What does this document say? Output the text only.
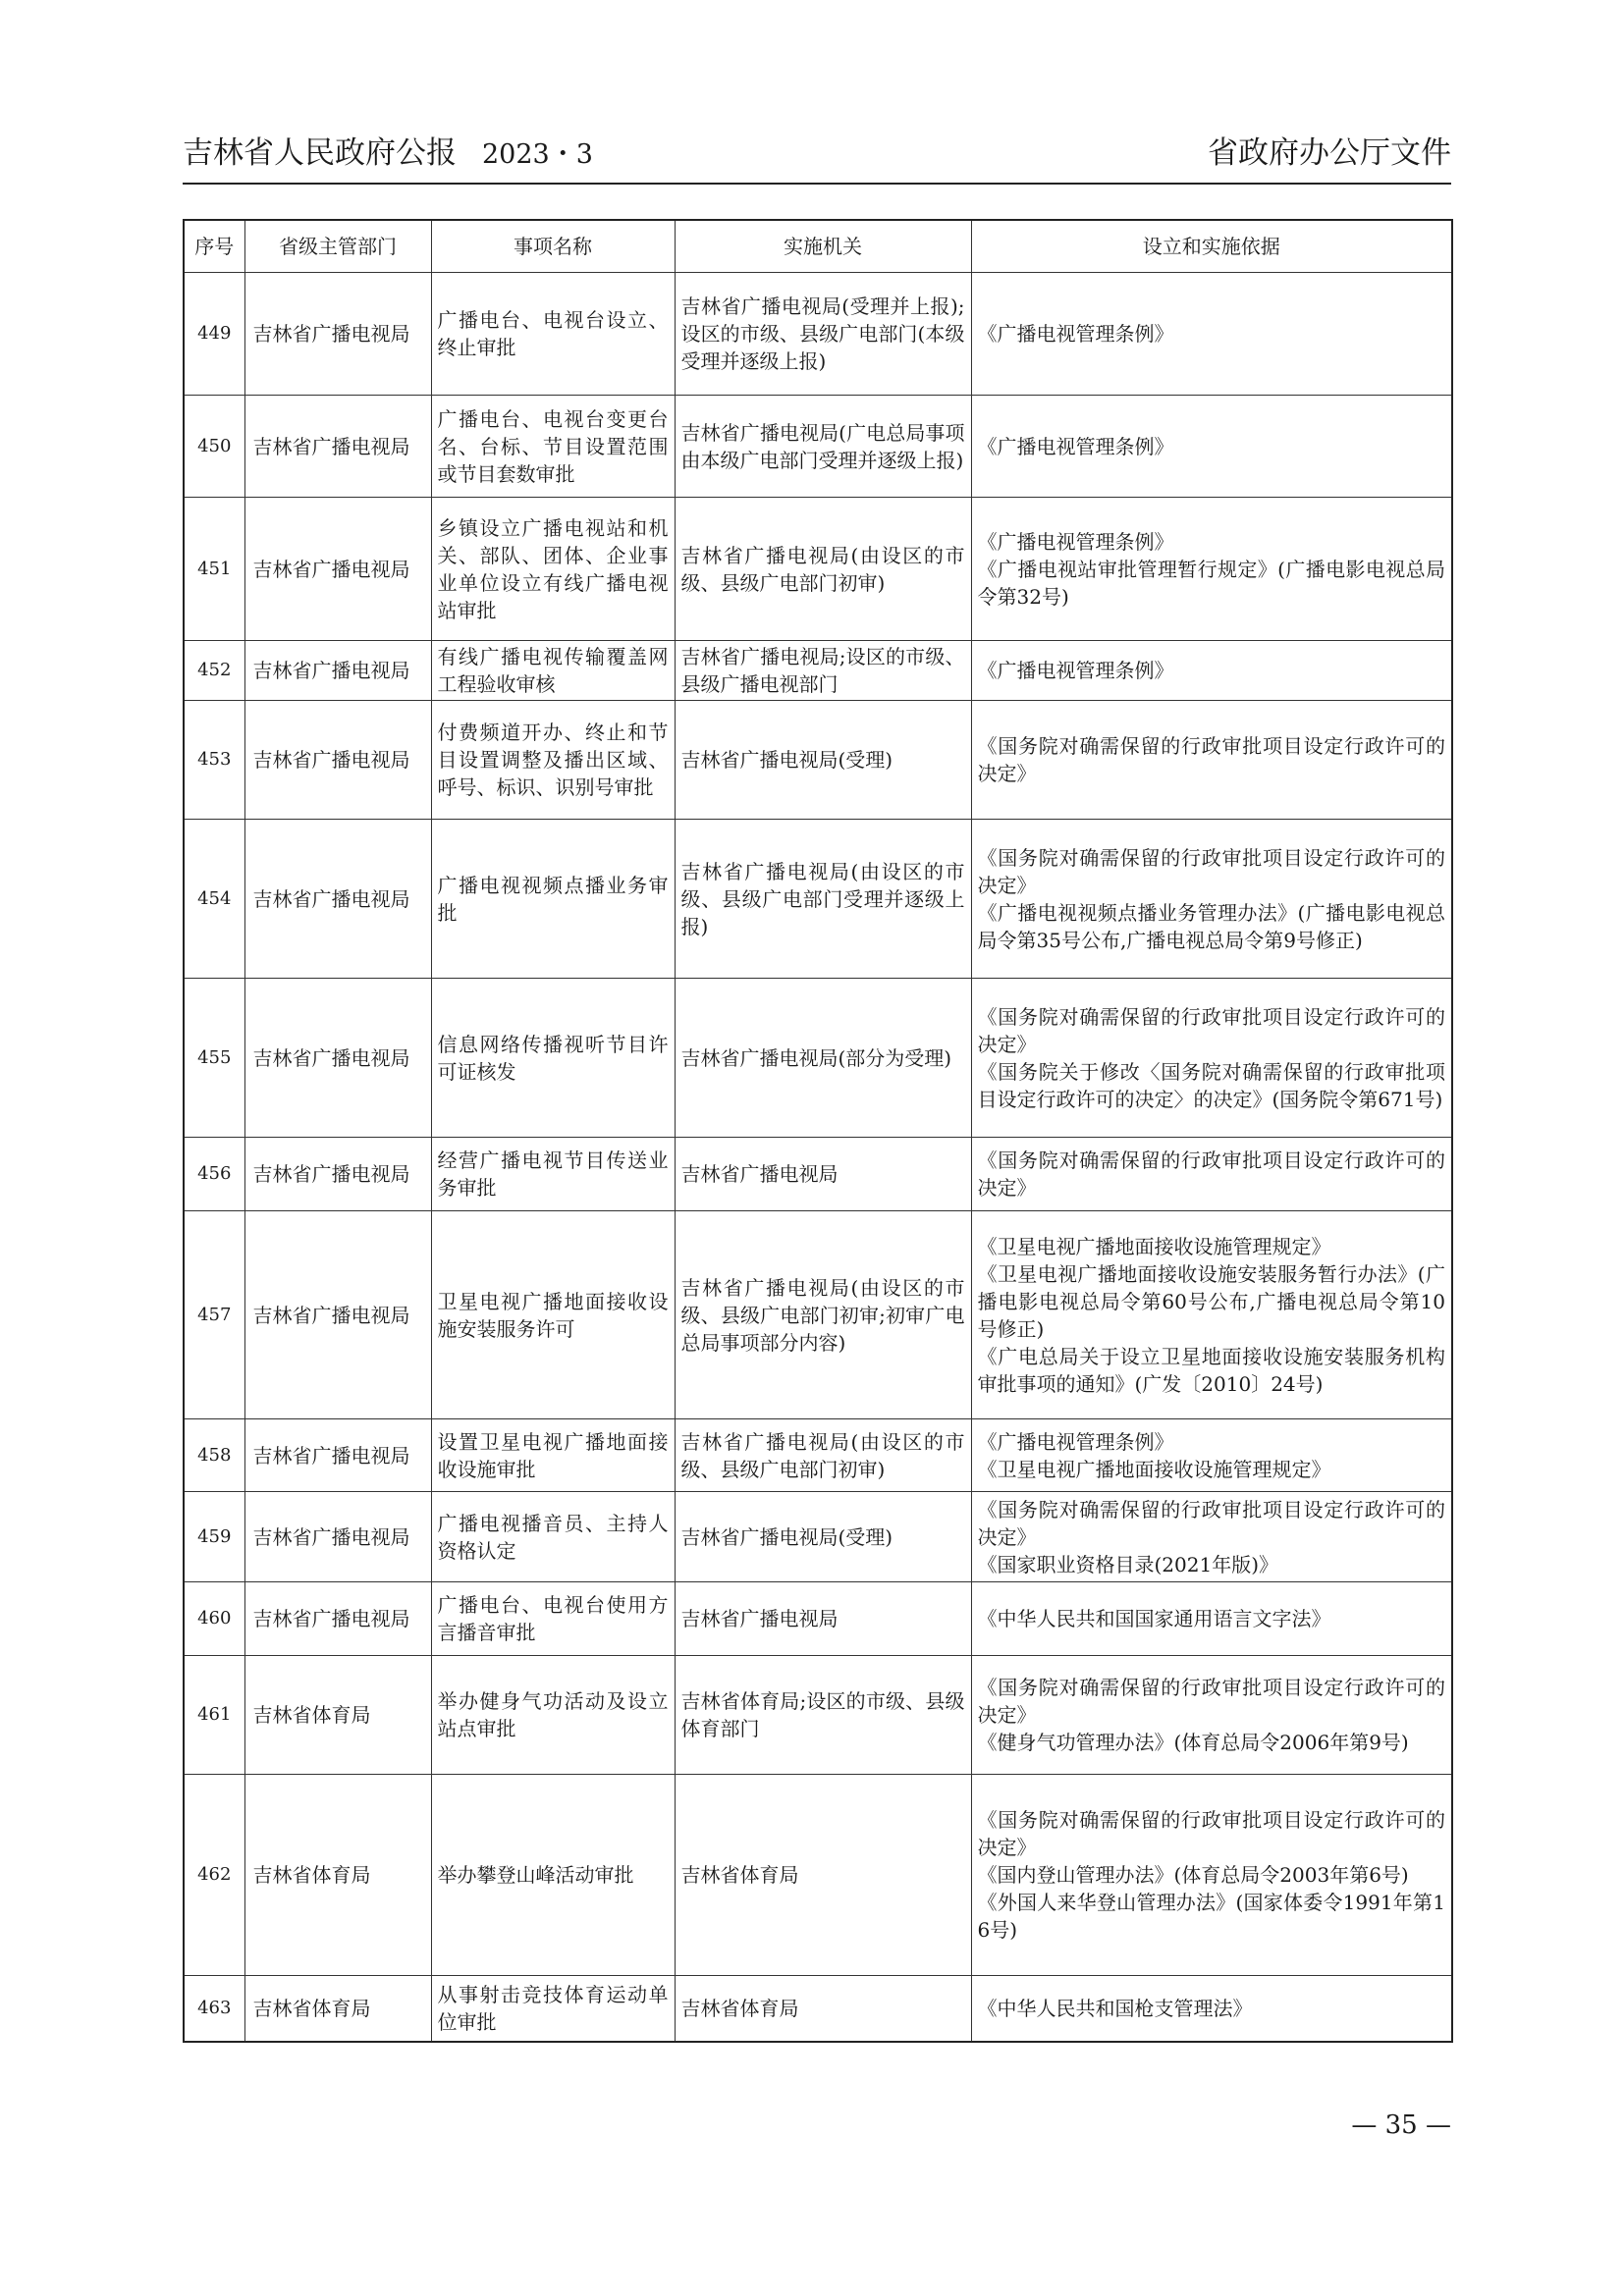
吉林省人民政府公报 2023・3	省政府办公厅文件
序号	省级主管部门	事项名称	实施机关	设立和实施依据
449	吉林省广播电视局	广播电台、电视台设立、终止审批	吉林省广播电视局(受理并上报);设区的市级、县级广电部门(本级受理并逐级上报)	《广播电视管理条例》

450	吉林省广播电视局	广播电台、电视台变更台名、台标、节目设置范围或节目套数审批	吉林省广播电视局(广电总局事项由本级广电部门受理并逐级上报)	《广播电视管理条例》

451	吉林省广播电视局	乡镇设立广播电视站和机关、部队、团体、企业事业单位设立有线广播电视站审批	吉林省广播电视局(由设区的市级、县级广电部门初审)	《广播电视管理条例》
《广播电视站审批管理暂行规定》(广播电影电视总局令第32号)

452	吉林省广播电视局	有线广播电视传输覆盖网工程验收审核	吉林省广播电视局;设区的市级、县级广播电视部门	《广播电视管理条例》

453	吉林省广播电视局	付费频道开办、终止和节目设置调整及播出区域、呼号、标识、识别号审批	吉林省广播电视局(受理)	《国务院对确需保留的行政审批项目设定行政许可的决定》

454	吉林省广播电视局	广播电视视频点播业务审批	吉林省广播电视局(由设区的市级、县级广电部门受理并逐级上报)	《国务院对确需保留的行政审批项目设定行政许可的决定》
《广播电视视频点播业务管理办法》(广播电影电视总局令第35号公布,广播电视总局令第9号修正)

455	吉林省广播电视局	信息网络传播视听节目许可证核发	吉林省广播电视局(部分为受理)	《国务院对确需保留的行政审批项目设定行政许可的决定》
《国务院关于修改〈国务院对确需保留的行政审批项目设定行政许可的决定〉的决定》(国务院令第671号)

456	吉林省广播电视局	经营广播电视节目传送业务审批	吉林省广播电视局	《国务院对确需保留的行政审批项目设定行政许可的决定》

457	吉林省广播电视局	卫星电视广播地面接收设施安装服务许可	吉林省广播电视局(由设区的市级、县级广电部门初审;初审广电总局事项部分内容)	《卫星电视广播地面接收设施管理规定》
《卫星电视广播地面接收设施安装服务暂行办法》(广播电影电视总局令第60号公布,广播电视总局令第10号修正)
《广电总局关于设立卫星地面接收设施安装服务机构审批事项的通知》(广发〔2010〕24号)

458	吉林省广播电视局	设置卫星电视广播地面接收设施审批	吉林省广播电视局(由设区的市级、县级广电部门初审)	《广播电视管理条例》
《卫星电视广播地面接收设施管理规定》

459	吉林省广播电视局	广播电视播音员、主持人资格认定	吉林省广播电视局(受理)	《国务院对确需保留的行政审批项目设定行政许可的决定》
《国家职业资格目录(2021年版)》

460	吉林省广播电视局	广播电台、电视台使用方言播音审批	吉林省广播电视局	《中华人民共和国国家通用语言文字法》

461	吉林省体育局	举办健身气功活动及设立站点审批	吉林省体育局;设区的市级、县级体育部门	《国务院对确需保留的行政审批项目设定行政许可的决定》
《健身气功管理办法》(体育总局令2006年第9号)

462	吉林省体育局	举办攀登山峰活动审批	吉林省体育局	《国务院对确需保留的行政审批项目设定行政许可的决定》
《国内登山管理办法》(体育总局令2003年第6号)
《外国人来华登山管理办法》(国家体委令1991年第16号)

463	吉林省体育局	从事射击竞技体育运动单位审批	吉林省体育局	《中华人民共和国枪支管理法》
— 35 —
